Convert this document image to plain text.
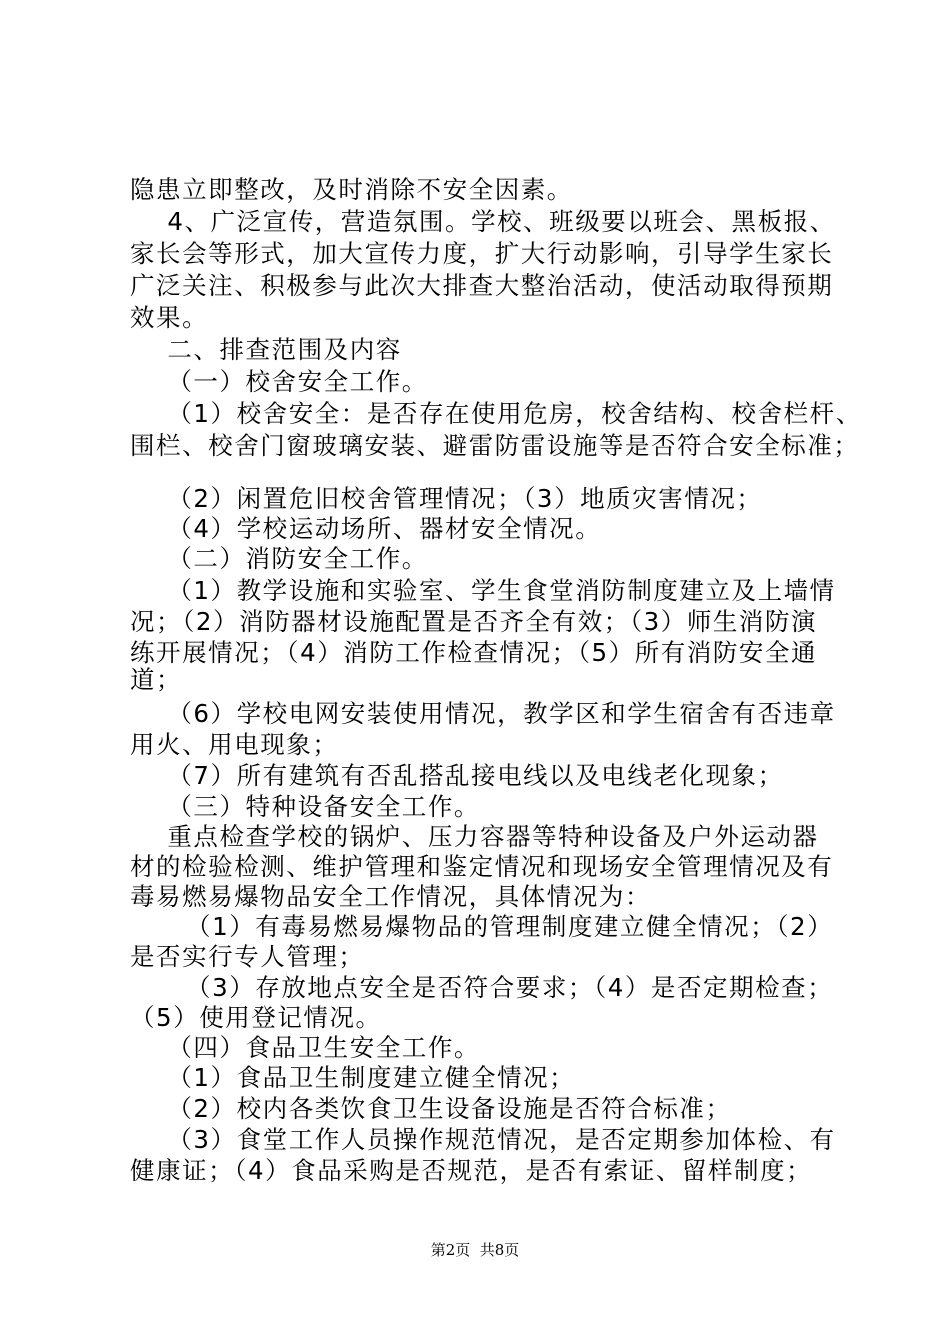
隐患立即整改，及时消除不安全因素。
4、广泛宣传，营造氛围。学校、班级要以班会、黑板报、
家长会等形式，加大宣传力度，扩大行动影响，引导学生家长
广泛关注、积极参与此次大排查大整治活动，使活动取得预期
效果。
二、排查范围及内容
（一）校舍安全工作。
（1）校舍安全：是否存在使用危房，校舍结构、校舍栏杆、
围栏、校舍门窗玻璃安装、避雷防雷设施等是否符合安全标准；
（2）闲置危旧校舍管理情况；（3）地质灾害情况；
（4）学校运动场所、器材安全情况。
（二）消防安全工作。
（1）教学设施和实验室、学生食堂消防制度建立及上墙情
况；（2）消防器材设施配置是否齐全有效；（3）师生消防演
练开展情况；（4）消防工作检查情况；（5）所有消防安全通
道；
（6）学校电网安装使用情况，教学区和学生宿舍有否违章
用火、用电现象；
（7）所有建筑有否乱搭乱接电线以及电线老化现象；
（三）特种设备安全工作。
重点检查学校的锅炉、压力容器等特种设备及户外运动器
材的检验检测、维护管理和鉴定情况和现场安全管理情况及有
毒易燃易爆物品安全工作情况，具体情况为：
（1）有毒易燃易爆物品的管理制度建立健全情况；（2）
是否实行专人管理；
（3）存放地点安全是否符合要求；（4）是否定期检查；
（5）使用登记情况。
（四）食品卫生安全工作。
（1）食品卫生制度建立健全情况；
（2）校内各类饮食卫生设备设施是否符合标准；
（3）食堂工作人员操作规范情况，是否定期参加体检、有
健康证；（4）食品采购是否规范，是否有索证、留样制度；
第2页  共8页
